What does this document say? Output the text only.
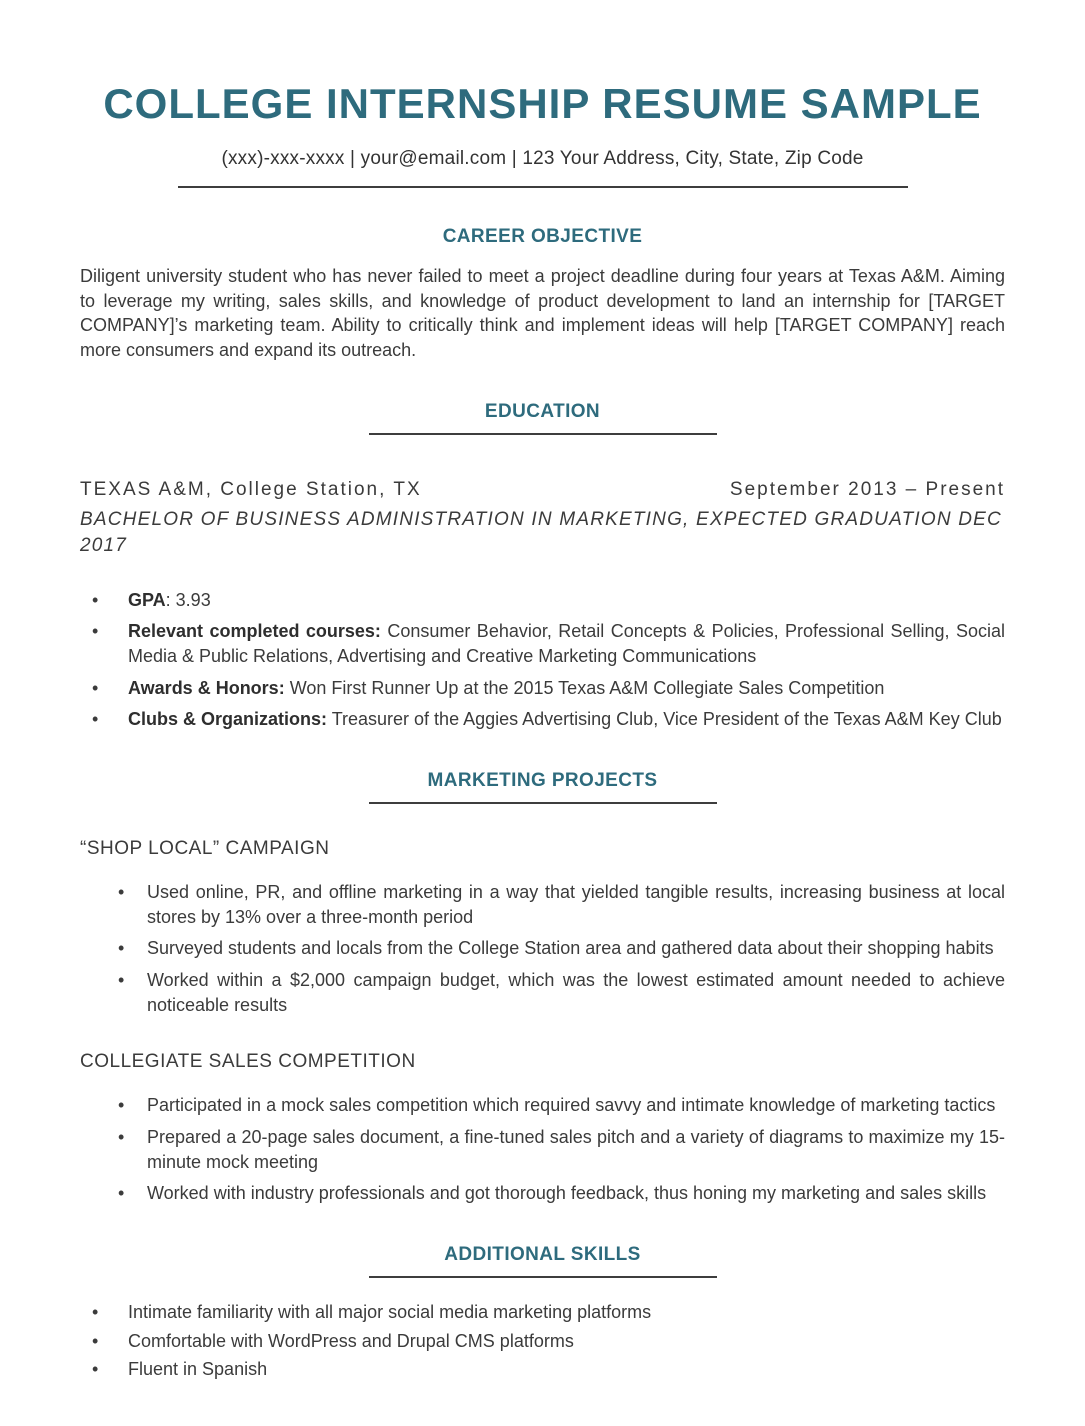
COLLEGE INTERNSHIP RESUME SAMPLE
(xxx)-xxx-xxxx | your@email.com | 123 Your Address, City, State, Zip Code
CAREER OBJECTIVE

Diligent university student who has never failed to meet a project deadline during four years at Texas A&M. Aiming to leverage my writing, sales skills, and knowledge of product development to land an internship for [TARGET COMPANY]’s marketing team. Ability to critically think and implement ideas will help [TARGET COMPANY] reach more consumers and expand its outreach.

EDUCATION
TEXAS A&M, College Station, TX	September 2013 – Present
BACHELOR OF BUSINESS ADMINISTRATION IN MARKETING, EXPECTED GRADUATION DEC 2017
• GPA: 3.93
• Relevant completed courses: Consumer Behavior, Retail Concepts & Policies, Professional Selling, Social Media & Public Relations, Advertising and Creative Marketing Communications
• Awards & Honors: Won First Runner Up at the 2015 Texas A&M Collegiate Sales Competition
• Clubs & Organizations: Treasurer of the Aggies Advertising Club, Vice President of the Texas A&M Key Club
MARKETING PROJECTS
“SHOP LOCAL” CAMPAIGN
• Used online, PR, and offline marketing in a way that yielded tangible results, increasing business at local stores by 13% over a three-month period
• Surveyed students and locals from the College Station area and gathered data about their shopping habits
• Worked within a $2,000 campaign budget, which was the lowest estimated amount needed to achieve noticeable results
COLLEGIATE SALES COMPETITION
• Participated in a mock sales competition which required savvy and intimate knowledge of marketing tactics
• Prepared a 20-page sales document, a fine-tuned sales pitch and a variety of diagrams to maximize my 15-minute mock meeting
• Worked with industry professionals and got thorough feedback, thus honing my marketing and sales skills
ADDITIONAL SKILLS
• Intimate familiarity with all major social media marketing platforms
• Comfortable with WordPress and Drupal CMS platforms
• Fluent in Spanish
